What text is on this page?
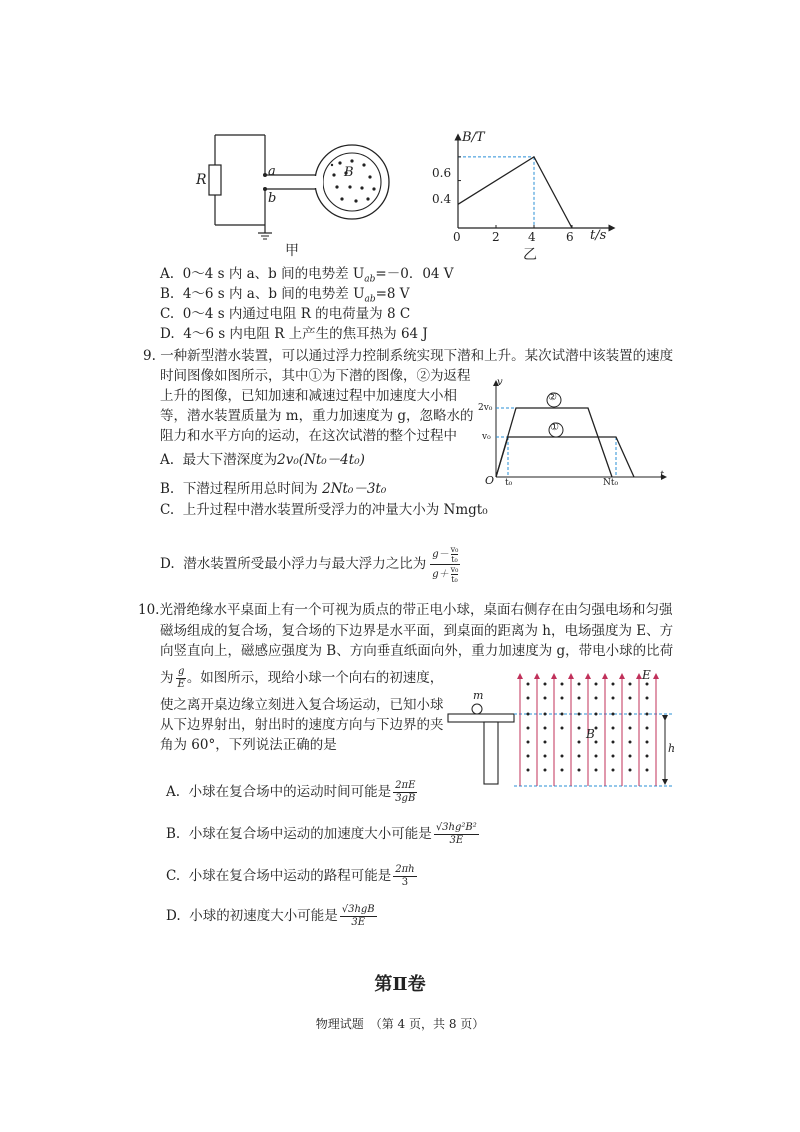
R
a
b
B
甲
B/T
t/s
0.6
0.4
0	2 4	6
乙
A. 0～4 s 内 a、b 间的电势差 $U_{ab}=-0$．04 V
B. 4～6 s 内 a、b 间的电势差 $U_{ab}=8$ V
C. 0～4 s 内通过电阻 R 的电荷量为 8 C
D. 4～6 s 内电阻 R 上产生的焦耳热为 64 J
9. 一种新型潜水装置，可以通过浮力控制系统实现下潜和上升。某次试潜中该装置的速度
时间图像如图所示，其中①为下潜的图像，②为返程
上升的图像，已知加速和减速过程中加速度大小相
等，潜水装置质量为 m，重力加速度为 g，忽略水的
阻力和水平方向的运动，在这次试潜的整个过程中
v
t
O
2v₀
v₀
t₀	Nt₀
②
①
A. 最大下潜深度为2v₀(Nt₀－4t₀)
B. 下潜过程所用总时间为 2Nt₀－3t₀
C. 上升过程中潜水装置所受浮力的冲量大小为 Nmgt₀
D.
潜水装置所受最小浮力与最大浮力之比为
g－ v₀
t₀
g＋ v₀
t₀
10.光滑绝缘水平桌面上有一个可视为质点的带正电小球，桌面右侧存在由匀强电场和匀强
磁场组成的复合场，复合场的下边界是水平面，到桌面的距离为 h，电场强度为 E、方
向竖直向上，磁感应强度为 B、方向垂直纸面向外，重力加速度为 g，带电小球的比荷
为 $\frac{g}{E}$ 。如图所示，现给小球一个向右的初速度，
使之离开桌边缘立刻进入复合场运动，已知小球
从下边界射出，射出时的速度方向与下边界的夹
角为 60°，下列说法正确的是
m
E
B
h
A.
小球在复合场中的运动时间可能是 $\frac{2\pi E}{3gB}$
B.
小球在复合场中运动的加速度大小可能是 $\frac{\text{√3hg²B²}}{3E}$
C.
小球在复合场中运动的路程可能是 $\frac{2\pi h}{3}$
D.
小球的初速度大小可能是 $\frac{\text{√3hgB}}{3E}$
第Ⅱ卷
物理试题　（第 4 页，共 8 页）
